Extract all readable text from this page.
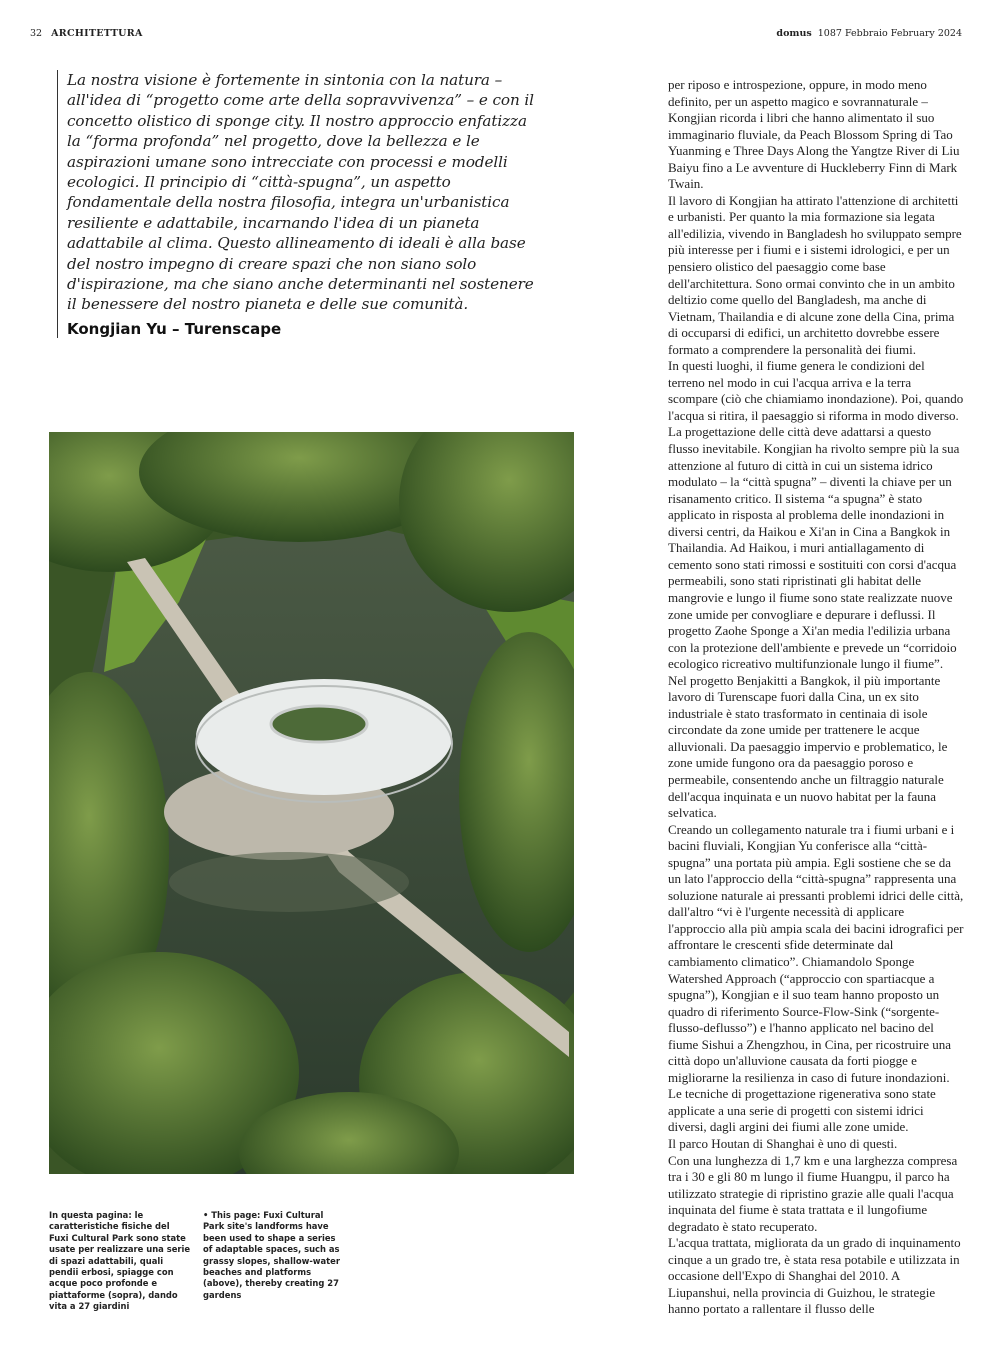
32 ARCHITETTURA	domus 1087 Febbraio February 2024

La nostra visione è fortemente in sintonia con la natura – all'idea di “progetto come arte della sopravvivenza” – e con il concetto olistico di sponge city. Il nostro approccio enfatizza la “forma profonda” nel progetto, dove la bellezza e le aspirazioni umane sono intrecciate con processi e modelli ecologici. Il principio di “città-spugna”, un aspetto fondamentale della nostra filosofia, integra un'urbanistica resiliente e adattabile, incarnando l'idea di un pianeta adattabile al clima. Questo allineamento di ideali è alla base del nostro impegno di creare spazi che non siano solo d'ispirazione, ma che siano anche determinanti nel sostenere il benessere del nostro pianeta e delle sue comunità.

Kongjian Yu – Turenscape
In questa pagina: le caratteristiche fisiche del Fuxi Cultural Park sono state usate per realizzare una serie di spazi adattabili, quali pendii erbosi, spiagge con acque poco profonde e piattaforme (sopra), dando vita a 27 giardini
• This page: Fuxi Cultural Park site's landforms have been used to shape a series of adaptable spaces, such as grassy slopes, shallow-water beaches and platforms (above), thereby creating 27 gardens

per riposo e introspezione, oppure, in modo meno definito, per un aspetto magico e sovrannaturale – Kongjian ricorda i libri che hanno alimentato il suo immaginario fluviale, da Peach Blossom Spring di Tao Yuanming e Three Days Along the Yangtze River di Liu Baiyu fino a Le avventure di Huckleberry Finn di Mark Twain.

Il lavoro di Kongjian ha attirato l'attenzione di architetti e urbanisti. Per quanto la mia formazione sia legata all'edilizia, vivendo in Bangladesh ho sviluppato sempre più interesse per i fiumi e i sistemi idrologici, e per un pensiero olistico del paesaggio come base dell'architettura. Sono ormai convinto che in un ambito deltizio come quello del Bangladesh, ma anche di Vietnam, Thailandia e di alcune zone della Cina, prima di occuparsi di edifici, un architetto dovrebbe essere formato a comprendere la personalità dei fiumi.

In questi luoghi, il fiume genera le condizioni del terreno nel modo in cui l'acqua arriva e la terra scompare (ciò che chiamiamo inondazione). Poi, quando l'acqua si ritira, il paesaggio si riforma in modo diverso. La progettazione delle città deve adattarsi a questo flusso inevitabile. Kongjian ha rivolto sempre più la sua attenzione al futuro di città in cui un sistema idrico modulato – la “città spugna” – diventi la chiave per un risanamento critico. Il sistema “a spugna” è stato applicato in risposta al problema delle inondazioni in diversi centri, da Haikou e Xi'an in Cina a Bangkok in Thailandia. Ad Haikou, i muri antiallagamento di cemento sono stati rimossi e sostituiti con corsi d'acqua permeabili, sono stati ripristinati gli habitat delle mangrovie e lungo il fiume sono state realizzate nuove zone umide per convogliare e depurare i deflussi. Il progetto Zaohe Sponge a Xi'an media l'edilizia urbana con la protezione dell'ambiente e prevede un “corridoio ecologico ricreativo multifunzionale lungo il fiume”. Nel progetto Benjakitti a Bangkok, il più importante lavoro di Turenscape fuori dalla Cina, un ex sito industriale è stato trasformato in centinaia di isole circondate da zone umide per trattenere le acque alluvionali. Da paesaggio impervio e problematico, le zone umide fungono ora da paesaggio poroso e permeabile, consentendo anche un filtraggio naturale dell'acqua inquinata e un nuovo habitat per la fauna selvatica.

Creando un collegamento naturale tra i fiumi urbani e i bacini fluviali, Kongjian Yu conferisce alla “città-spugna” una portata più ampia. Egli sostiene che se da un lato l'approccio della “città-spugna” rappresenta una soluzione naturale ai pressanti problemi idrici delle città, dall'altro “vi è l'urgente necessità di applicare l'approccio alla più ampia scala dei bacini idrografici per affrontare le crescenti sfide determinate dal cambiamento climatico”. Chiamandolo Sponge Watershed Approach (“approccio con spartiacque a spugna”), Kongjian e il suo team hanno proposto un quadro di riferimento Source-Flow-Sink (“sorgente-flusso-deflusso”) e l'hanno applicato nel bacino del fiume Sishui a Zhengzhou, in Cina, per ricostruire una città dopo un'alluvione causata da forti piogge e migliorarne la resilienza in caso di future inondazioni. Le tecniche di progettazione rigenerativa sono state applicate a una serie di progetti con sistemi idrici diversi, dagli argini dei fiumi alle zone umide.

Il parco Houtan di Shanghai è uno di questi.

Con una lunghezza di 1,7 km e una larghezza compresa tra i 30 e gli 80 m lungo il fiume Huangpu, il parco ha utilizzato strategie di ripristino grazie alle quali l'acqua inquinata del fiume è stata trattata e il lungofiume degradato è stato recuperato.

L'acqua trattata, migliorata da un grado di inquinamento cinque a un grado tre, è stata resa potabile e utilizzata in occasione dell'Expo di Shanghai del 2010. A Liupanshui, nella provincia di Guizhou, le strategie hanno portato a rallentare il flusso delle
